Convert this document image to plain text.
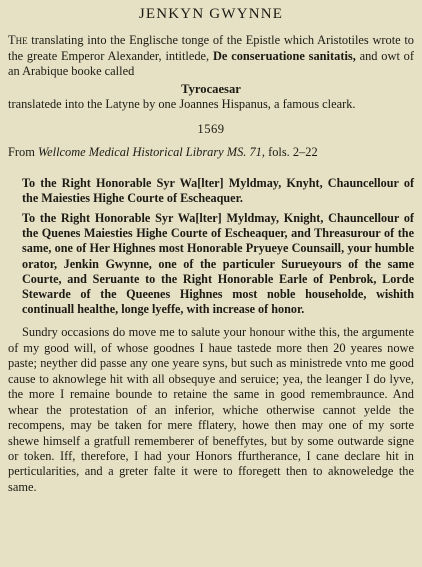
JENKYN GWYNNE

The translating into the Englische tonge of the Epistle which Aristotiles wrote to the greate Emperor Alexander, intitlede, De conseruatione sanitatis, and owt of an Arabique booke called

Tyrocaesar

translatede into the Latyne by one Joannes Hispanus, a famous cleark.

1569

From Wellcome Medical Historical Library MS. 71, fols. 2–22

To the Right Honorable Syr Wa[lter] Myldmay, Knyht, Chauncellour of the Maiesties Highe Courte of Escheaquer.

To the Right Honorable Syr Wa[lter] Myldmay, Knight, Chauncellour of the Quenes Maiesties Highe Courte of Escheaquer, and Threasurour of the same, one of Her Highnes most Honorable Pryueye Counsaill, your humble orator, Jenkin Gwynne, one of the particuler Surueyours of the same Courte, and Seruante to the Right Honorable Earle of Penbrok, Lorde Stewarde of the Queenes Highnes most noble householde, wishith continuall healthe, longe lyeffe, with increase of honor.

Sundry occasions do move me to salute your honour withe this, the argumente of my good will, of whose goodnes I haue tastede more then 20 yeares nowe paste; neyther did passe any one yeare syns, but such as ministrede vnto me good cause to aknowlege hit with all obsequye and seruice; yea, the leanger I do lyve, the more I remaine bounde to retaine the same in good remembraunce. And whear the protestation of an inferior, whiche otherwise cannot yelde the recompens, may be taken for mere fflatery, howe then may one of my sorte shewe himself a gratfull rememberer of beneffytes, but by some outwarde signe or token. Iff, therefore, I had your Honors ffurtherance, I cane declare hit in perticularities, and a greter falte it were to fforegett then to aknoweledge the same.
